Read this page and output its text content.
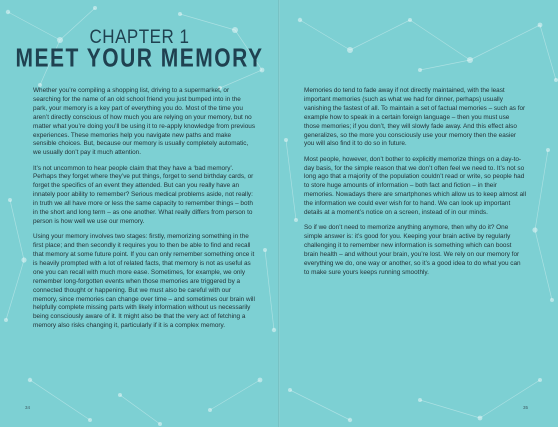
CHAPTER 1
MEET YOUR MEMORY

Whether you’re compiling a shopping list, driving to a supermarket, or searching for the name of an old school friend you just bumped into in the park, your memory is a key part of everything you do. Most of the time you aren’t directly conscious of how much you are relying on your memory, but no matter what you’re doing you’ll be using it to re-apply knowledge from previous experiences. These memories help you navigate new paths and make sensible choices. But, because our memory is usually completely automatic, we usually don’t pay it much attention.

It’s not uncommon to hear people claim that they have a ‘bad memory’. Perhaps they forget where they’ve put things, forget to send birthday cards, or forget the specifics of an event they attended. But can you really have an innately poor ability to remember? Serious medical problems aside, not really: in truth we all have more or less the same capacity to remember things – both in the short and long term – as one another. What really differs from person to person is how well we use our memory.

Using your memory involves two stages: firstly, memorizing something in the first place; and then secondly it requires you to then be able to find and recall that memory at some future point. If you can only remember something once it is heavily prompted with a lot of related facts, that memory is not as useful as one you can recall with much more ease. Sometimes, for example, we only remember long-forgotten events when those memories are triggered by a connected thought or happening. But we must also be careful with our memory, since memories can change over time – and sometimes our brain will helpfully complete missing parts with likely information without us necessarily being consciously aware of it. It might also be that the very act of fetching a memory also risks changing it, particularly if it is a complex memory.

Memories do tend to fade away if not directly maintained, with the least important memories (such as what we had for dinner, perhaps) usually vanishing the fastest of all. To maintain a set of factual memories – such as for example how to speak in a certain foreign language – then you must use those memories; if you don’t, they will slowly fade away. And this effect also generalizes, so the more you consciously use your memory then the easier you will also find it to do so in future.

Most people, however, don’t bother to explicitly memorize things on a day-to-day basis, for the simple reason that we don’t often feel we need to. It’s not so long ago that a majority of the population couldn’t read or write, so people had to store huge amounts of information – both fact and fiction – in their memories. Nowadays there are smartphones which allow us to keep almost all the information we could ever wish for to hand. We can look up important details at a moment’s notice on a screen, instead of in our minds.

So if we don’t need to memorize anything anymore, then why do it? One simple answer is: it’s good for you. Keeping your brain active by regularly challenging it to remember new information is something which can boost brain health – and without your brain, you’re lost. We rely on our memory for everything we do, one way or another, so it’s a good idea to do what you can to make sure yours keeps running smoothly.

34	35
